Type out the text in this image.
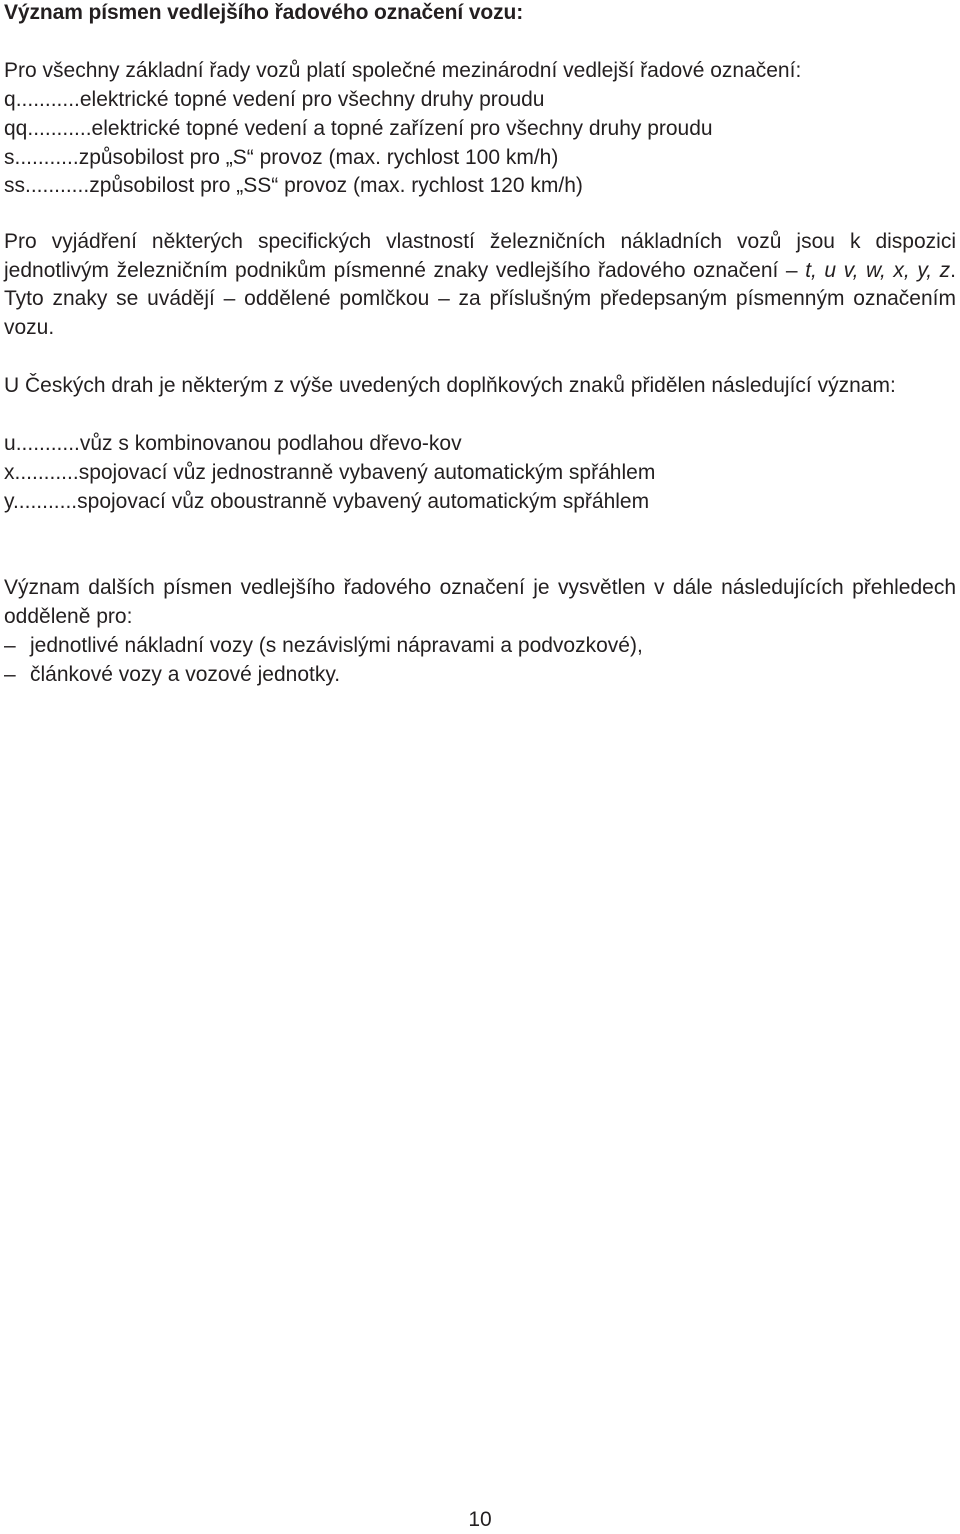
Význam písmen vedlejšího řadového označení vozu:
Pro všechny základní řady vozů platí společné mezinárodní vedlejší řadové označení:
q...........elektrické topné vedení pro všechny druhy proudu
qq...........elektrické topné vedení a topné zařízení pro všechny druhy proudu
s...........způsobilost pro „S“ provoz (max. rychlost 100 km/h)
ss...........způsobilost pro „SS“ provoz (max. rychlost 120 km/h)
Pro vyjádření některých specifických vlastností železničních nákladních vozů jsou k dispozici jednotlivým železničním podnikům písmenné znaky vedlejšího řadového označení – t, u v, w, x, y, z. Tyto znaky se uvádějí – oddělené pomlčkou – za příslušným předepsaným písmenným označením vozu.
U Českých drah je některým z výše uvedených doplňkových znaků přidělen následující význam:
u...........vůz s kombinovanou podlahou dřevo-kov
x...........spojovací vůz jednostranně vybavený automatickým spřáhlem
y...........spojovací vůz oboustranně vybavený automatickým spřáhlem
Význam dalších písmen vedlejšího řadového označení je vysvětlen v dále následujících přehledech odděleně pro:
– jednotlivé nákladní vozy (s nezávislými nápravami a podvozkové),
– článkové vozy a vozové jednotky.
10
